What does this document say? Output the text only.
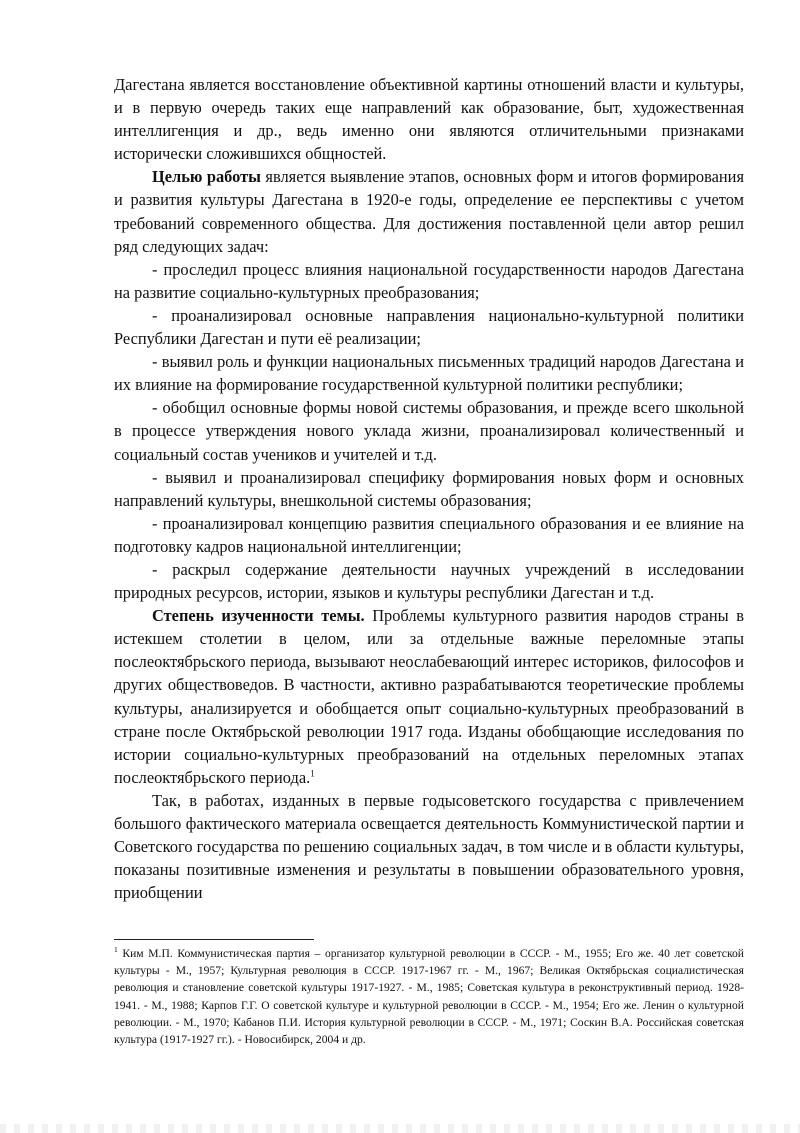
Дагестана является восстановление объективной картины отношений власти и культуры, и в первую очередь таких еще направлений как образование, быт, художественная интеллигенция и др., ведь именно они являются отличительными признаками исторически сложившихся общностей.

Целью работы является выявление этапов, основных форм и итогов формирования и развития культуры Дагестана в 1920-е годы, определение ее перспективы с учетом требований современного общества. Для достижения поставленной цели автор решил ряд следующих задач:

- проследил процесс влияния национальной государственности народов Дагестана на развитие социально-культурных преобразования;

- проанализировал основные направления национально-культурной политики Республики Дагестан и пути её реализации;

- выявил роль и функции национальных письменных традиций народов Дагестана и их влияние на формирование государственной культурной политики республики;

- обобщил основные формы новой системы образования, и прежде всего школьной в процессе утверждения нового уклада жизни, проанализировал количественный и социальный состав учеников и учителей и т.д.

- выявил и проанализировал специфику формирования новых форм и основных направлений культуры, внешкольной системы образования;

- проанализировал концепцию развития специального образования и ее влияние на подготовку кадров национальной интеллигенции;

- раскрыл содержание деятельности научных учреждений в исследовании природных ресурсов, истории, языков и культуры республики Дагестан и т.д.

Степень изученности темы. Проблемы культурного развития народов страны в истекшем столетии в целом, или за отдельные важные переломные этапы послеоктябрьского периода, вызывают неослабевающий интерес историков, философов и других обществоведов. В частности, активно разрабатываются теоретические проблемы культуры, анализируется и обобщается опыт социально-культурных преобразований в стране после Октябрьской революции 1917 года. Изданы обобщающие исследования по истории социально-культурных преобразований на отдельных переломных этапах послеоктябрьского периода.$^1$

Так, в работах, изданных в первые годысоветского государства с привлечением большого фактического материала освещается деятельность Коммунистической партии и Советского государства по решению социальных задач, в том числе и в области культуры, показаны позитивные изменения и результаты в повышении образовательного уровня, приобщении

$^1$ Ким М.П. Коммунистическая партия – организатор культурной революции в СССР. - М., 1955; Его же. 40 лет советской культуры - М., 1957; Культурная революция в СССР. 1917-1967 гг. - М., 1967; Великая Октябрьская социалистическая революция и становление советской культуры 1917-1927. - М., 1985; Советская культура в реконструктивный период. 1928-1941. - М., 1988; Карпов Г.Г. О советской культуре и культурной революции в СССР. - М., 1954; Его же. Ленин о культурной революции. - М., 1970; Кабанов П.И. История культурной революции в СССР. - М., 1971; Соскин В.А. Российская советская культура (1917-1927 гг.). - Новосибирск, 2004 и др.
